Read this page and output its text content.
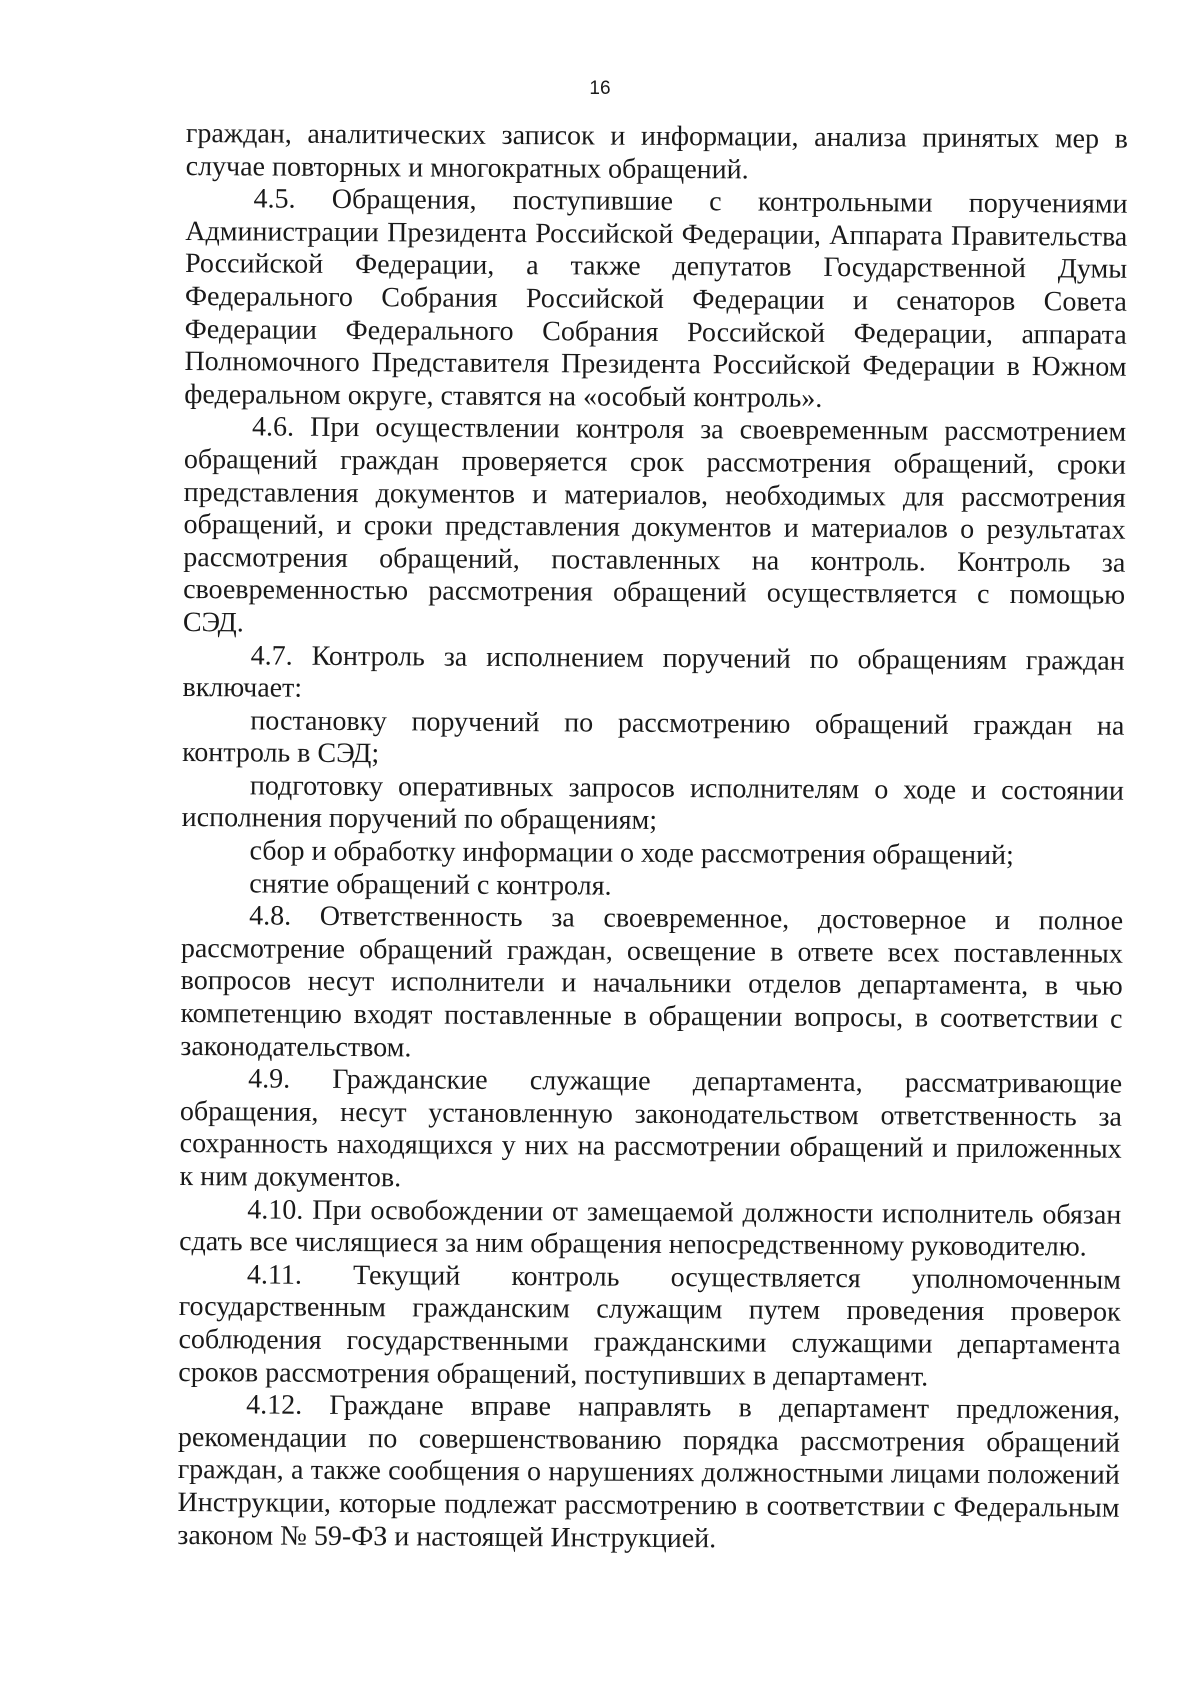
16

граждан, аналитических записок и информации, анализа принятых мер в случае повторных и многократных обращений.

4.5. Обращения, поступившие с контрольными поручениями Администрации Президента Российской Федерации, Аппарата Правительства Российской Федерации, а также депутатов Государственной Думы Федерального Собрания Российской Федерации и сенаторов Совета Федерации Федерального Собрания Российской Федерации, аппарата Полномочного Представителя Президента Российской Федерации в Южном федеральном округе, ставятся на «особый контроль».

4.6. При осуществлении контроля за своевременным рассмотрением обращений граждан проверяется срок рассмотрения обращений, сроки представления документов и материалов, необходимых для рассмотрения обращений, и сроки представления документов и материалов о результатах рассмотрения обращений, поставленных на контроль. Контроль за своевременностью рассмотрения обращений осуществляется с помощью СЭД.

4.7. Контроль за исполнением поручений по обращениям граждан включает:

постановку поручений по рассмотрению обращений граждан на контроль в СЭД;

подготовку оперативных запросов исполнителям о ходе и состоянии исполнения поручений по обращениям;

сбор и обработку информации о ходе рассмотрения обращений;

снятие обращений с контроля.

4.8. Ответственность за своевременное, достоверное и полное рассмотрение обращений граждан, освещение в ответе всех поставленных вопросов несут исполнители и начальники отделов департамента, в чью компетенцию входят поставленные в обращении вопросы, в соответствии с законодательством.

4.9. Гражданские служащие департамента, рассматривающие обращения, несут установленную законодательством ответственность за сохранность находящихся у них на рассмотрении обращений и приложенных к ним документов.

4.10. При освобождении от замещаемой должности исполнитель обязан сдать все числящиеся за ним обращения непосредственному руководителю.

4.11. Текущий контроль осуществляется уполномоченным государственным гражданским служащим путем проведения проверок соблюдения государственными гражданскими служащими департамента сроков рассмотрения обращений, поступивших в департамент.

4.12. Граждане вправе направлять в департамент предложения, рекомендации по совершенствованию порядка рассмотрения обращений граждан, а также сообщения о нарушениях должностными лицами положений Инструкции, которые подлежат рассмотрению в соответствии с Федеральным законом № 59-ФЗ и настоящей Инструкцией.
